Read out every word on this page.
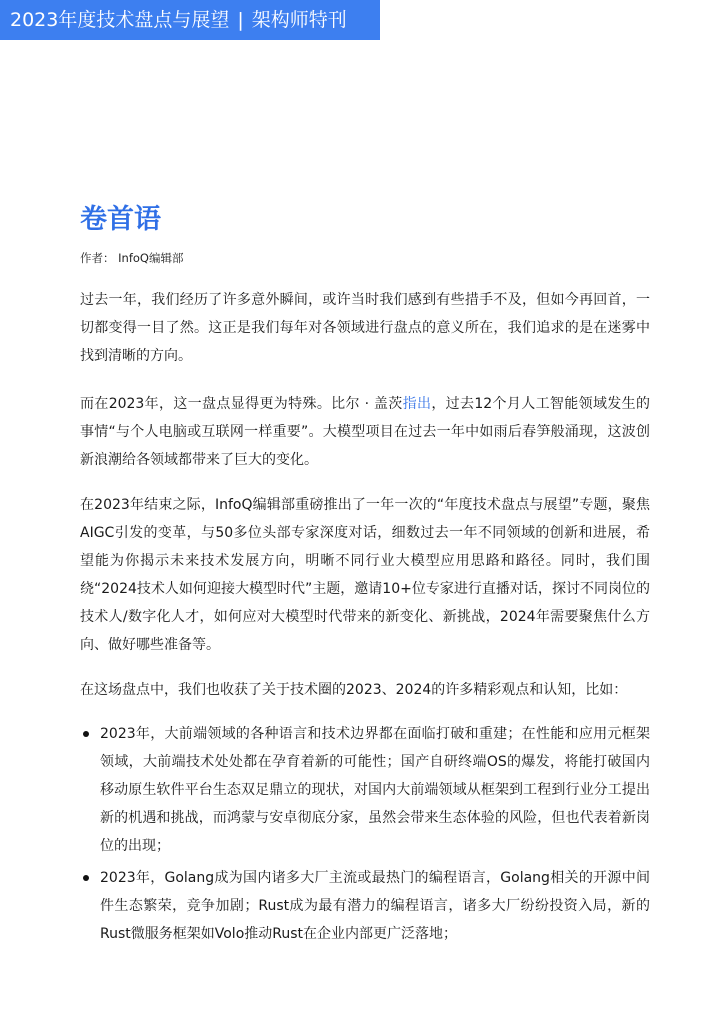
2023年度技术盘点与展望 | 架构师特刊
卷首语
作者： InfoQ编辑部

过去一年，我们经历了许多意外瞬间，或许当时我们感到有些措手不及，但如今再回首，一切都变得一目了然。这正是我们每年对各领域进行盘点的意义所在，我们追求的是在迷雾中找到清晰的方向。

而在2023年，这一盘点显得更为特殊。比尔 · 盖茨指出，过去12个月人工智能领域发生的事情“与个人电脑或互联网一样重要”。大模型项目在过去一年中如雨后春笋般涌现，这波创新浪潮给各领域都带来了巨大的变化。

在2023年结束之际，InfoQ编辑部重磅推出了一年一次的“年度技术盘点与展望”专题，聚焦AIGC引发的变革，与50多位头部专家深度对话，细数过去一年不同领域的创新和进展，希望能为你揭示未来技术发展方向，明晰不同行业大模型应用思路和路径。同时，我们围绕“2024技术人如何迎接大模型时代”主题，邀请10+位专家进行直播对话，探讨不同岗位的技术人/数字化人才，如何应对大模型时代带来的新变化、新挑战，2024年需要聚焦什么方向、做好哪些准备等。

在这场盘点中，我们也收获了关于技术圈的2023、2024的许多精彩观点和认知，比如：

2023年，大前端领域的各种语言和技术边界都在面临打破和重建；在性能和应用元框架领域，大前端技术处处都在孕育着新的可能性；国产自研终端OS的爆发，将能打破国内移动原生软件平台生态双足鼎立的现状，对国内大前端领域从框架到工程到行业分工提出新的机遇和挑战，而鸿蒙与安卓彻底分家，虽然会带来生态体验的风险，但也代表着新岗位的出现；
2023年，Golang成为国内诸多大厂主流或最热门的编程语言，Golang相关的开源中间件生态繁荣，竞争加剧；Rust成为最有潜力的编程语言，诸多大厂纷纷投资入局，新的Rust微服务框架如Volo推动Rust在企业内部更广泛落地；
